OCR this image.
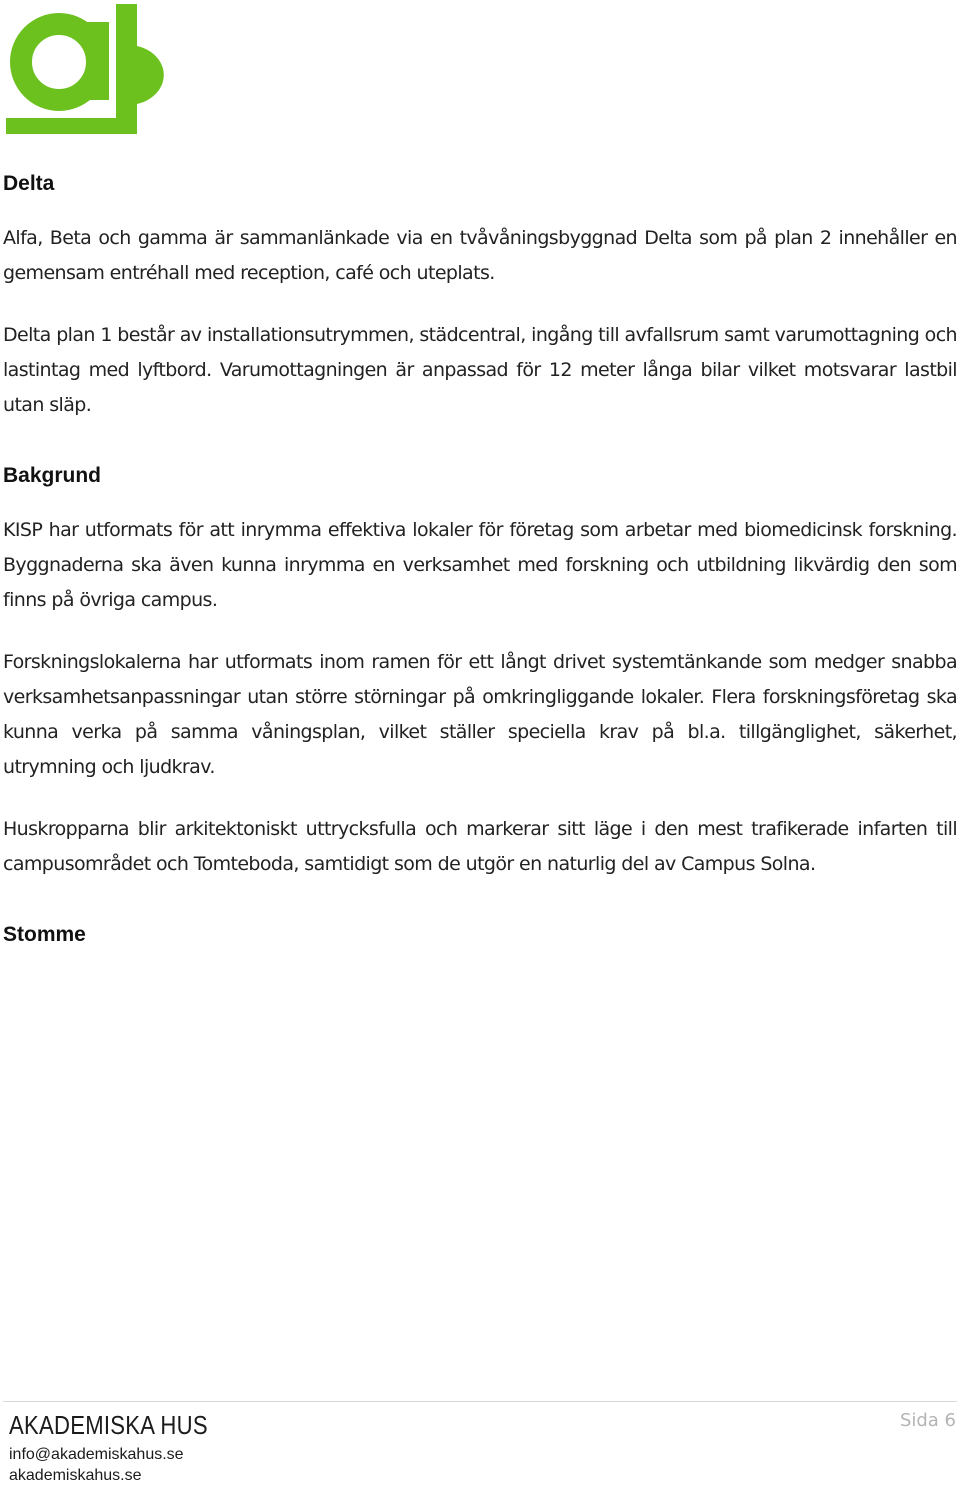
Delta

Alfa, Beta och gamma är sammanlänkade via en tvåvåningsbyggnad Delta som på plan 2 innehåller en gemensam entréhall med reception, café och uteplats.

Delta plan 1 består av installationsutrymmen, städcentral, ingång till avfallsrum samt varumottagning och lastintag med lyftbord. Varumottagningen är anpassad för 12 meter långa bilar vilket motsvarar lastbil utan släp.

Bakgrund

KISP har utformats för att inrymma effektiva lokaler för företag som arbetar med biomedicinsk forskning. Byggnaderna ska även kunna inrymma en verksamhet med forskning och utbildning likvärdig den som finns på övriga campus.

Forskningslokalerna har utformats inom ramen för ett långt drivet systemtänkande som medger snabba verksamhetsanpassningar utan större störningar på omkringliggande lokaler. Flera forskningsföretag ska kunna verka på samma våningsplan, vilket ställer speciella krav på bl.a. tillgänglighet, säkerhet, utrymning och ljudkrav.

Huskropparna blir arkitektoniskt uttrycksfulla och markerar sitt läge i den mest trafikerade infarten till campusområdet och Tomteboda, samtidigt som de utgör en naturlig del av Campus Solna.

Stomme
AKADEMISKA HUS
info@akademiskahus.se
akademiskahus.se
Sida 6
